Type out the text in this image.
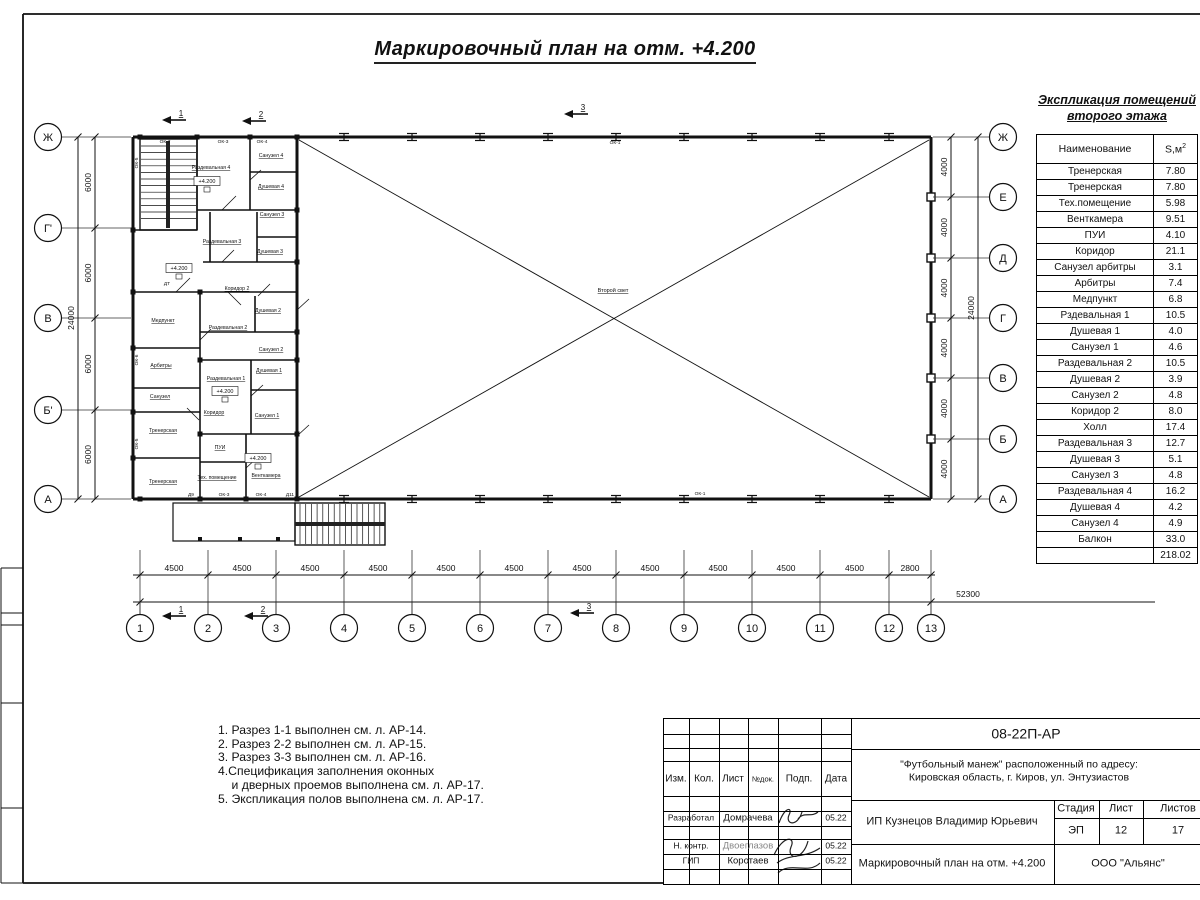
Второй свет
4500	4500	4500	4500	4500	4500	4500	4500	4500	4500	4500	2800
52300
6000
6000
6000
6000
24000
4000
4000
4000
4000
4000
4000
24000
1	2	3	4	5	6	7	8	9	10	11	12	13
Ж
Г'
В
Б'
А
Ж
Е
Д
Г
В
Б
А
1	2
3
1	2	3
Раздевальная 4
Санузел 4
Душевая 4
Санузел 3
Раздевальная 3
Душевая 3
Коридор 2
Душевая 2
Раздевальная 2
Санузел 2
Душевая 1
Раздевальная 1
Санузел 1
ПУИ
Тех. помещение	Венткамера
Медпункт
Арбитры
Санузел
Тренерская
Тренерская
Коридор
+4.200
+4.200
+4.200
+4.200
ОК-7	ОК-3	ОК-4
ОК-5
ОК-6
ОК-5
ДТ
Д9	ОК-3	ОК-4	Д11
ОК-1
ОК-1
Маркировочный план на отм. +4.200
Экспликация помещений
второго этажа
Наименование	$S,м^2$
Тренерская	7.80
Тренерская	7.80
Тех.помещение	5.98
Венткамера	9.51
ПУИ	4.10
Коридор	21.1
Санузел арбитры	3.1
Арбитры	7.4
Медпункт	6.8
Рздевальная 1	10.5
Душевая 1	4.0
Санузел 1	4.6
Раздевальная 2	10.5
Душевая 2	3.9
Санузел 2	4.8
Коридор 2	8.0
Холл	17.4
Раздевальная 3	12.7
Душевая 3	5.1
Санузел 3	4.8
Раздевальная 4	16.2
Душевая 4	4.2
Санузел 4	4.9
Балкон	33.0
	218.02
1. Разрез 1-1 выполнен см. л. АР-14.
2. Разрез 2-2 выполнен см. л. АР-15.
3. Разрез 3-3 выполнен см. л. АР-16.
4.Спецификация заполнения оконных
и дверных проемов выполнена см. л. АР-17.
5. Экспликация полов выполнена см. л. АР-17.
08-22П-АР
"Футбольный манеж" расположенный по адресу:
Кировская область, г. Киров, ул. Энтузиастов
ИП Кузнецов Владимир Юрьевич
Стадия Лист Листов
ЭП	12	17
Маркировочный план на отм. +4.200	ООО "Альянс"
Изм. Кол. Лист №док. Подп. Дата
Разработал Домрачева	05.22
Н. контр. Двоеглазов	05.22
ГИП	Коротаев	05.22
